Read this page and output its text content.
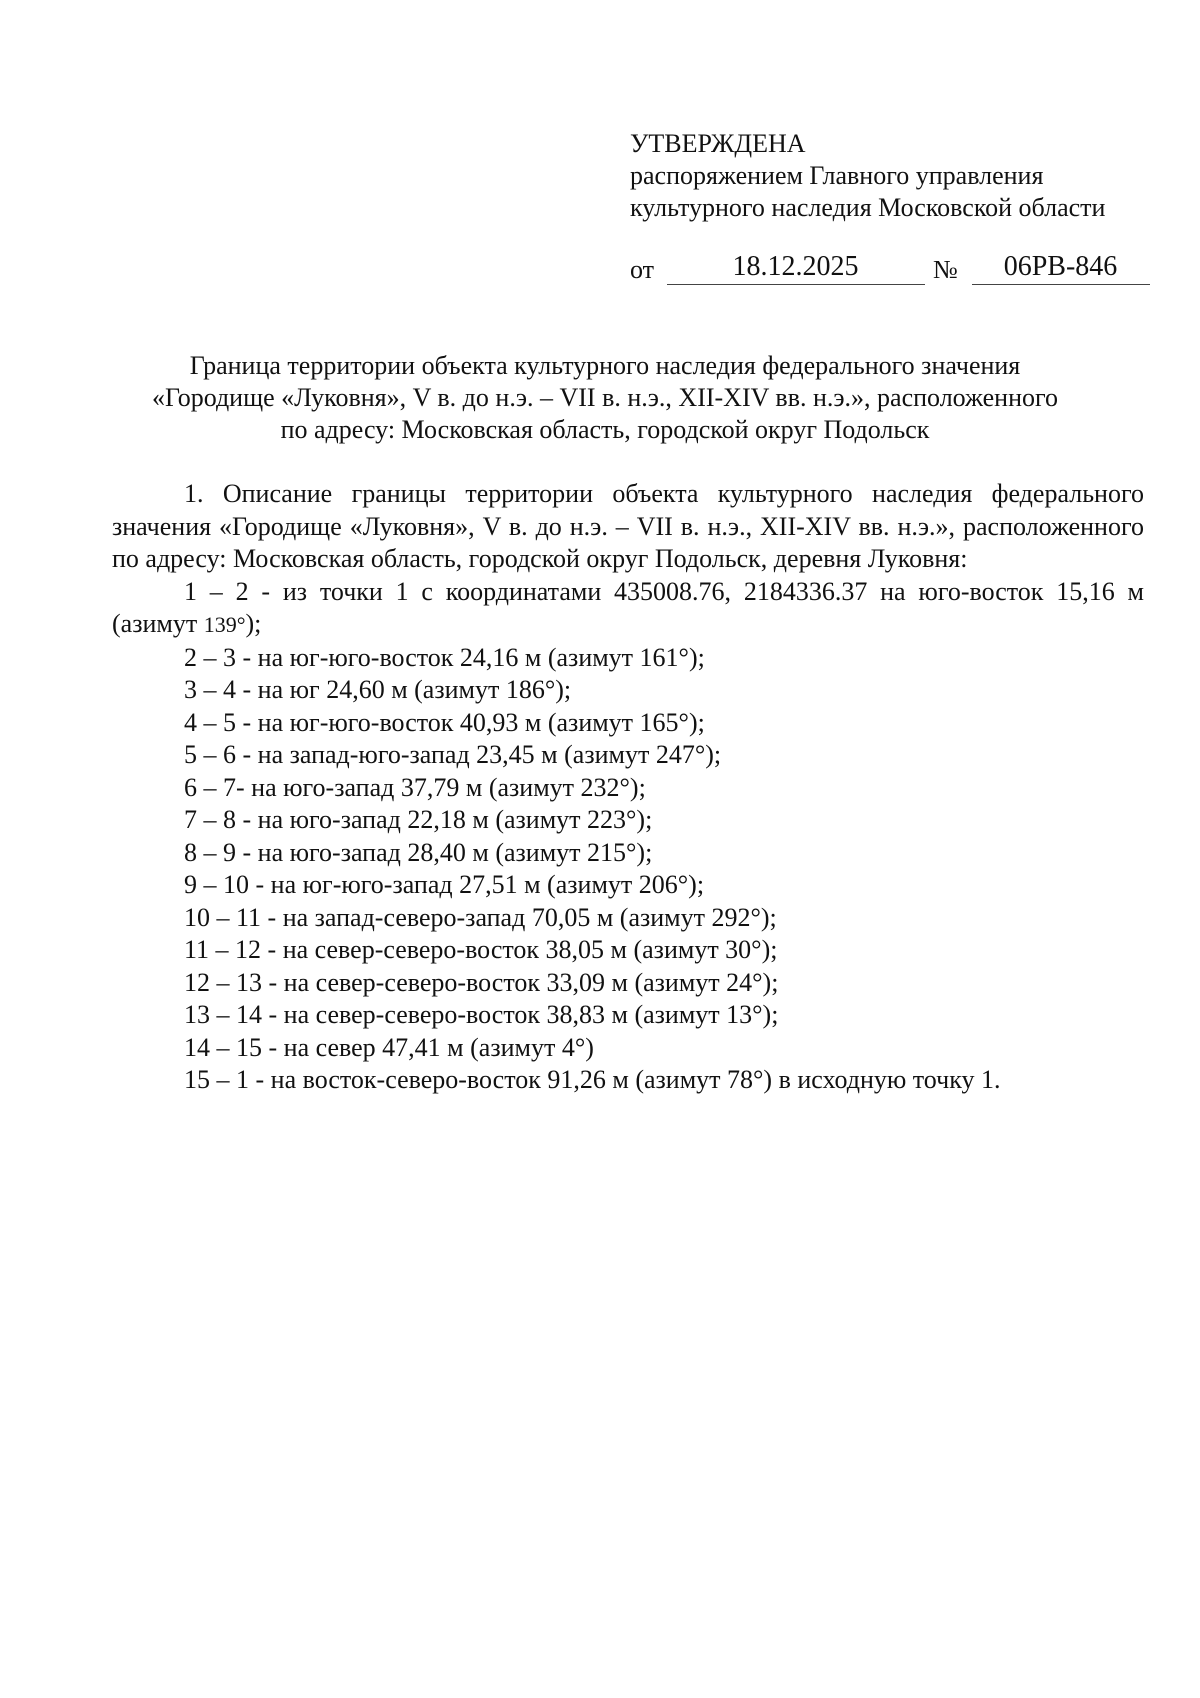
УТВЕРЖДЕНА
распоряжением Главного управления
культурного наследия Московской области
от	18.12.2025	№ 06РВ-846
Граница территории объекта культурного наследия федерального значения
«Городище «Луковня», V в. до н.э. – VII в. н.э., XII-XIV вв. н.э.», расположенного
по адресу: Московская область, городской округ Подольск

1. Описание границы территории объекта культурного наследия федерального значения «Городище «Луковня», V в. до н.э. – VII в. н.э., XII-XIV вв. н.э.», расположенного по адресу: Московская область, городской округ Подольск, деревня Луковня:

1 – 2 - из точки 1 с координатами 435008.76, 2184336.37 на юго-восток 15,16 м (азимут 139°);

2 – 3 - на юг-юго-восток 24,16 м (азимут 161°);

3 – 4 - на юг 24,60 м (азимут 186°);

4 – 5 - на юг-юго-восток 40,93 м (азимут 165°);

5 – 6 - на запад-юго-запад 23,45 м (азимут 247°);

6 – 7- на юго-запад 37,79 м (азимут 232°);

7 – 8 - на юго-запад 22,18 м (азимут 223°);

8 – 9 - на юго-запад 28,40 м (азимут 215°);

9 – 10 - на юг-юго-запад 27,51 м (азимут 206°);

10 – 11 - на запад-северо-запад 70,05 м (азимут 292°);

11 – 12 - на север-северо-восток 38,05 м (азимут 30°);

12 – 13 - на север-северо-восток 33,09 м (азимут 24°);

13 – 14 - на север-северо-восток 38,83 м (азимут 13°);

14 – 15 - на север 47,41 м (азимут 4°)

15 – 1 - на восток-северо-восток 91,26 м (азимут 78°) в исходную точку 1.
